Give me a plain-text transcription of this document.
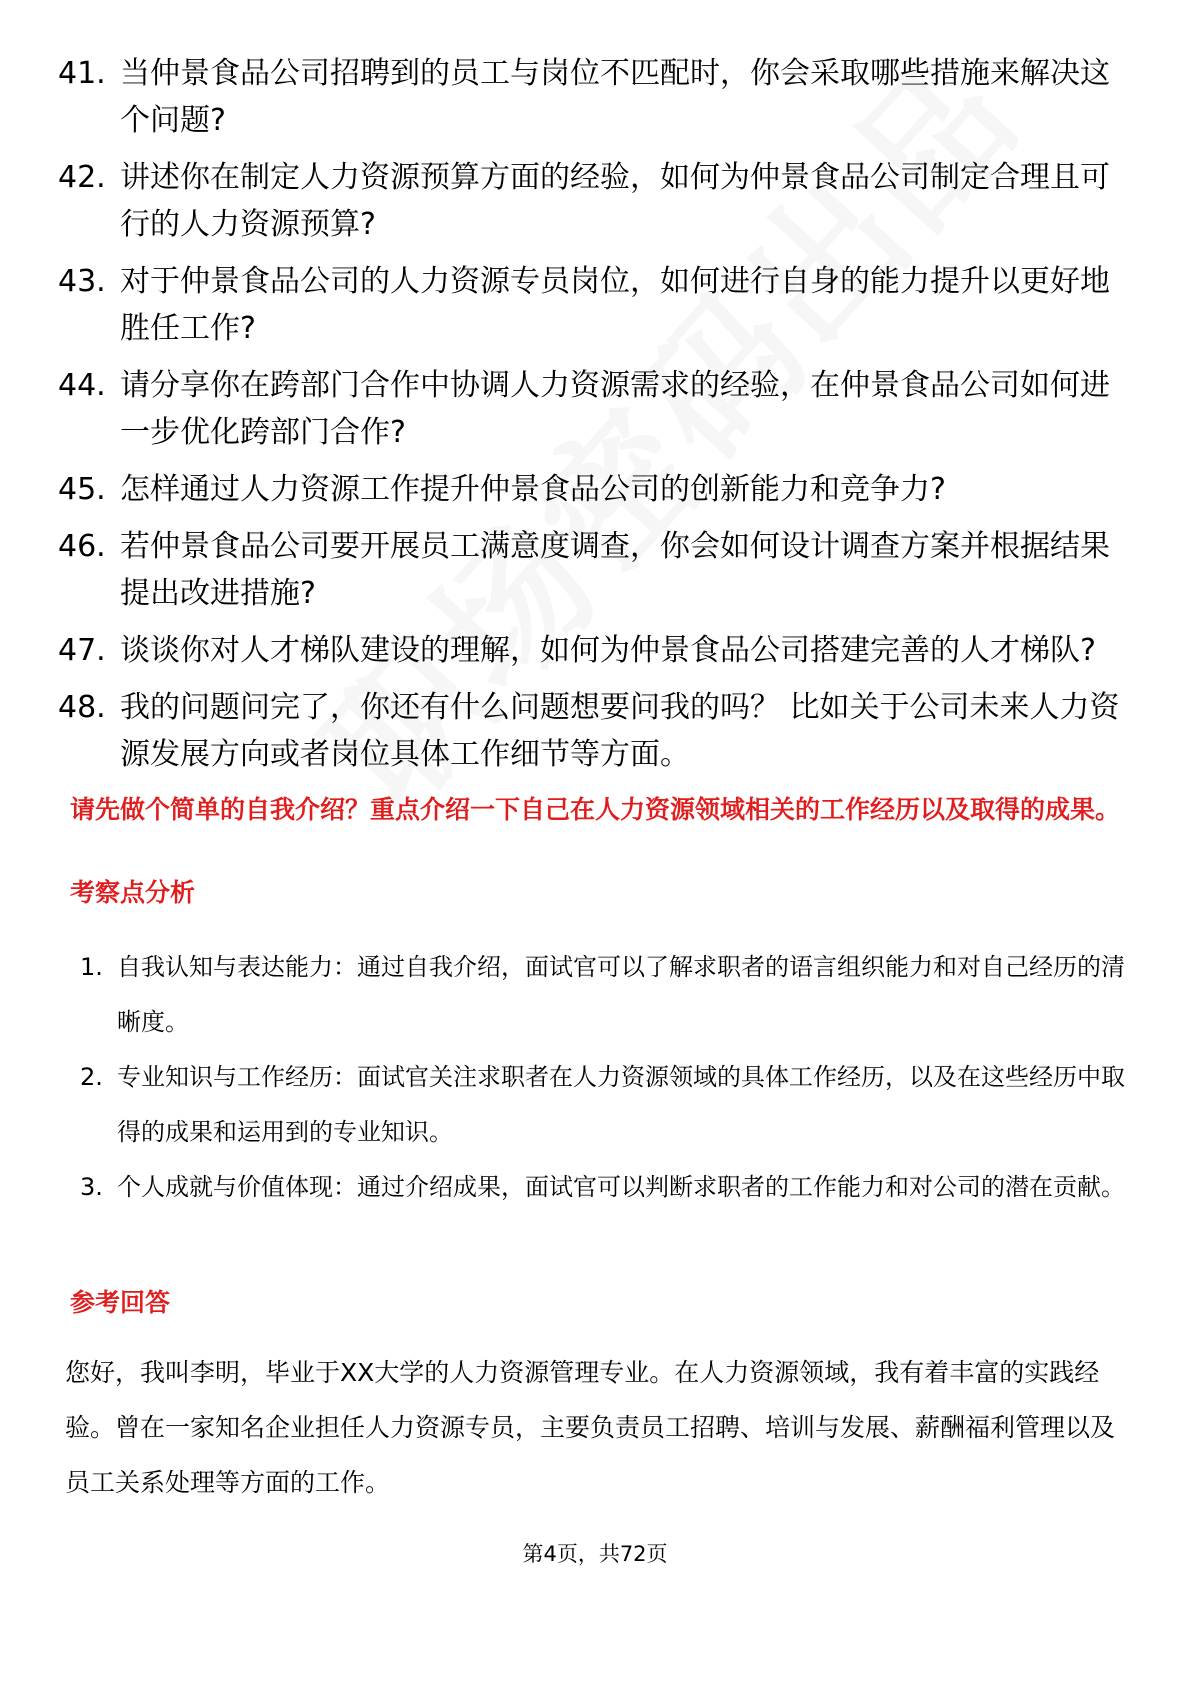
41. 当仲景食品公司招聘到的员工与岗位不匹配时，你会采取哪些措施来解决这个问题?
42. 讲述你在制定人力资源预算方面的经验，如何为仲景食品公司制定合理且可行的人力资源预算?
43. 对于仲景食品公司的人力资源专员岗位，如何进行自身的能力提升以更好地胜任工作?
44. 请分享你在跨部门合作中协调人力资源需求的经验，在仲景食品公司如何进一步优化跨部门合作?
45. 怎样通过人力资源工作提升仲景食品公司的创新能力和竞争力?
46. 若仲景食品公司要开展员工满意度调查，你会如何设计调查方案并根据结果提出改进措施?
47. 谈谈你对人才梯队建设的理解，如何为仲景食品公司搭建完善的人才梯队?
48. 我的问题问完了，你还有什么问题想要问我的吗？ 比如关于公司未来人力资源发展方向或者岗位具体工作细节等方面。
请先做个简单的自我介绍？重点介绍一下自己在人力资源领域相关的工作经历以及取得的成果。
考察点分析
1. 自我认知与表达能力：通过自我介绍，面试官可以了解求职者的语言组织能力和对自己经历的清晰度。
2. 专业知识与工作经历：面试官关注求职者在人力资源领域的具体工作经历，以及在这些经历中取得的成果和运用到的专业知识。
3. 个人成就与价值体现：通过介绍成果，面试官可以判断求职者的工作能力和对公司的潜在贡献。
参考回答
您好，我叫李明，毕业于XX大学的人力资源管理专业。在人力资源领域，我有着丰富的实践经验。曾在一家知名企业担任人力资源专员，主要负责员工招聘、培训与发展、薪酬福利管理以及员工关系处理等方面的工作。
第4页，共72页
